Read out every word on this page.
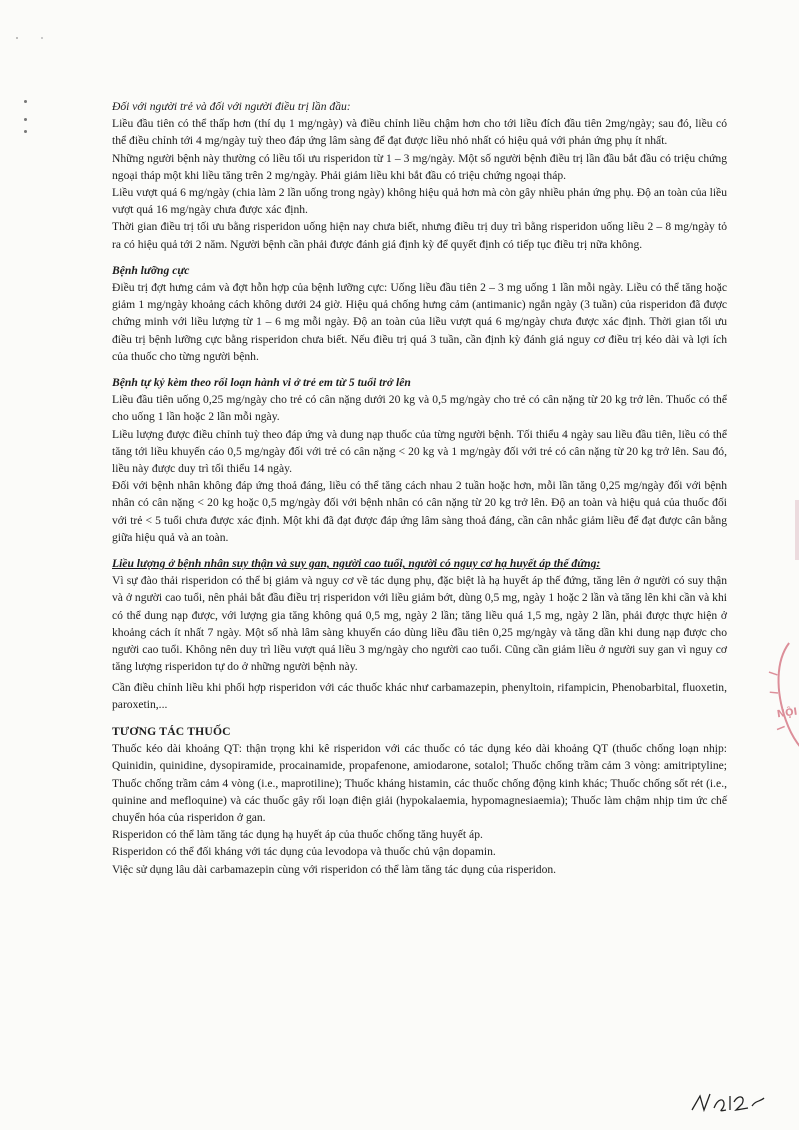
Đối với người trẻ và đối với người điều trị lần đầu:

Liều đầu tiên có thể thấp hơn (thí dụ 1 mg/ngày) và điều chỉnh liều chậm hơn cho tới liều đích đầu tiên 2mg/ngày; sau đó, liều có thể điều chỉnh tới 4 mg/ngày tuỳ theo đáp ứng lâm sàng để đạt được liều nhỏ nhất có hiệu quả với phản ứng phụ ít nhất.

Những người bệnh này thường có liều tối ưu risperidon từ 1 – 3 mg/ngày. Một số người bệnh điều trị lần đầu bắt đầu có triệu chứng ngoại tháp một khi liều tăng trên 2 mg/ngày. Phải giảm liều khi bắt đầu có triệu chứng ngoại tháp.

Liều vượt quá 6 mg/ngày (chia làm 2 lần uống trong ngày) không hiệu quả hơn mà còn gây nhiều phản ứng phụ. Độ an toàn của liều vượt quá 16 mg/ngày chưa được xác định.

Thời gian điều trị tối ưu bằng risperidon uống hiện nay chưa biết, nhưng điều trị duy trì bằng risperidon uống liều 2 – 8 mg/ngày tỏ ra có hiệu quả tới 2 năm. Người bệnh cần phải được đánh giá định kỳ để quyết định có tiếp tục điều trị nữa không.

Bệnh lưỡng cực

Điều trị đợt hưng cảm và đợt hỗn hợp của bệnh lưỡng cực: Uống liều đầu tiên 2 – 3 mg uống 1 lần mỗi ngày. Liều có thể tăng hoặc giảm 1 mg/ngày khoảng cách không dưới 24 giờ. Hiệu quả chống hưng cảm (antimanic) ngắn ngày (3 tuần) của risperidon đã được chứng minh với liều lượng từ 1 – 6 mg mỗi ngày. Độ an toàn của liều vượt quá 6 mg/ngày chưa được xác định. Thời gian tối ưu điều trị bệnh lưỡng cực bằng risperidon chưa biết. Nếu điều trị quá 3 tuần, cần định kỳ đánh giá nguy cơ điều trị kéo dài và lợi ích của thuốc cho từng người bệnh.

Bệnh tự kỷ kèm theo rối loạn hành vi ở trẻ em từ 5 tuổi trở lên

Liều đầu tiên uống 0,25 mg/ngày cho trẻ có cân nặng dưới 20 kg và 0,5 mg/ngày cho trẻ có cân nặng từ 20 kg trở lên. Thuốc có thể cho uống 1 lần hoặc 2 lần mỗi ngày.

Liều lượng được điều chỉnh tuỳ theo đáp ứng và dung nạp thuốc của từng người bệnh. Tối thiểu 4 ngày sau liều đầu tiên, liều có thể tăng tới liều khuyến cáo 0,5 mg/ngày đối với trẻ có cân nặng < 20 kg và 1 mg/ngày đối với trẻ có cân nặng từ 20 kg trở lên. Sau đó, liều này được duy trì tối thiểu 14 ngày.

Đối với bệnh nhân không đáp ứng thoả đáng, liều có thể tăng cách nhau 2 tuần hoặc hơn, mỗi lần tăng 0,25 mg/ngày đối với bệnh nhân có cân nặng < 20 kg hoặc 0,5 mg/ngày đối với bệnh nhân có cân nặng từ 20 kg trở lên. Độ an toàn và hiệu quả của thuốc đối với trẻ < 5 tuổi chưa được xác định. Một khi đã đạt được đáp ứng lâm sàng thoả đáng, cần cân nhắc giảm liều để đạt được cân bằng giữa hiệu quả và an toàn.

Liều lượng ở bệnh nhân suy thận và suy gan, người cao tuổi, người có nguy cơ hạ huyết áp thế đứng:

Vì sự đào thải risperidon có thể bị giảm và nguy cơ về tác dụng phụ, đặc biệt là hạ huyết áp thế đứng, tăng lên ở người có suy thận và ở người cao tuổi, nên phải bắt đầu điều trị risperidon với liều giảm bớt, dùng 0,5 mg, ngày 1 hoặc 2 lần và tăng lên khi cần và khi có thể dung nạp được, với lượng gia tăng không quá 0,5 mg, ngày 2 lần; tăng liều quá 1,5 mg, ngày 2 lần, phải được thực hiện ở khoảng cách ít nhất 7 ngày. Một số nhà lâm sàng khuyến cáo dùng liều đầu tiên 0,25 mg/ngày và tăng dần khi dung nạp được cho người cao tuổi. Không nên duy trì liều vượt quá liều 3 mg/ngày cho người cao tuổi. Cũng cần giảm liều ở người suy gan vì nguy cơ tăng lượng risperidon tự do ở những người bệnh này.

Cần điều chỉnh liều khi phối hợp risperidon với các thuốc khác như carbamazepin, phenyltoin, rifampicin, Phenobarbital, fluoxetin, paroxetin,...

TƯƠNG TÁC THUỐC

Thuốc kéo dài khoảng QT: thận trọng khi kê risperidon với các thuốc có tác dụng kéo dài khoảng QT (thuốc chống loạn nhịp: Quinidin, quinidine, dysopiramide, procainamide, propafenone, amiodarone, sotalol; Thuốc chống trầm cảm 3 vòng: amitriptyline; Thuốc chống trầm cảm 4 vòng (i.e., maprotiline); Thuốc kháng histamin, các thuốc chống động kinh khác; Thuốc chống sốt rét (i.e., quinine and mefloquine) và các thuốc gây rối loạn điện giải (hypokalaemia, hypomagnesiaemia); Thuốc làm chậm nhịp tim ức chế chuyển hóa của risperidon ở gan.

Risperidon có thể làm tăng tác dụng hạ huyết áp của thuốc chống tăng huyết áp.

Risperidon có thể đối kháng với tác dụng của levodopa và thuốc chủ vận dopamin.

Việc sử dụng lâu dài carbamazepin cùng với risperidon có thể làm tăng tác dụng của risperidon.

NỘI
